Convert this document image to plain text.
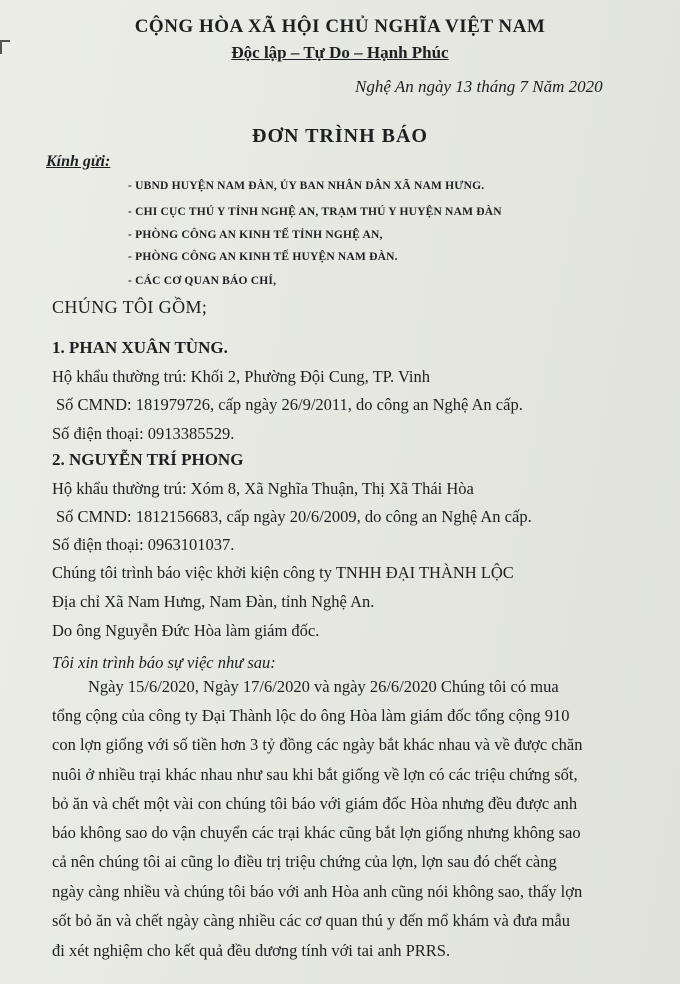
CỘNG HÒA XÃ HỘI CHỦ NGHĨA VIỆT NAM
Độc lập – Tự Do – Hạnh Phúc
Nghệ An ngày 13 tháng 7 Năm 2020
ĐƠN TRÌNH BÁO
Kính gửi:
- UBND HUYỆN NAM ĐÀN, ỦY BAN NHÂN DÂN XÃ NAM HƯNG.
- CHI CỤC THÚ Y TỈNH NGHỆ AN, TRẠM THÚ Y HUYỆN NAM ĐÀN
- PHÒNG CÔNG AN KINH TẾ TỈNH NGHỆ AN,
- PHÒNG CÔNG AN KINH TẾ HUYỆN NAM ĐÀN.
- CÁC CƠ QUAN BÁO CHÍ,
CHÚNG TÔI GỒM;
1. PHAN XUÂN TÙNG.
Hộ khẩu thường trú: Khối 2, Phường Đội Cung, TP. Vinh
Số CMND: 181979726, cấp ngày 26/9/2011, do công an Nghệ An cấp.
Số điện thoại: 0913385529.
2. NGUYỄN TRÍ PHONG
Hộ khẩu thường trú: Xóm 8, Xã Nghĩa Thuận, Thị Xã Thái Hòa
Số CMND: 1812156683, cấp ngày 20/6/2009, do công an Nghệ An cấp.
Số điện thoại: 0963101037.
Chúng tôi trình báo việc khởi kiện công ty TNHH ĐẠI THÀNH LỘC
Địa chỉ Xã Nam Hưng, Nam Đàn, tỉnh Nghệ An.
Do ông Nguyễn Đức Hòa làm giám đốc.
Tôi xin trình báo sự việc như sau:
Ngày 15/6/2020, Ngày 17/6/2020 và ngày 26/6/2020 Chúng tôi có mua
tổng cộng của công ty Đại Thành lộc do ông Hòa làm giám đốc tổng cộng 910
con lợn giống với số tiền hơn 3 tỷ đồng các ngày bắt khác nhau và về được chăn
nuôi ở nhiều trại khác nhau như sau khi bắt giống về lợn có các triệu chứng sốt,
bỏ ăn và chết một vài con chúng tôi báo với giám đốc Hòa nhưng đều được anh
báo không sao do vận chuyển các trại khác cũng bắt lợn giống nhưng không sao
cả nên chúng tôi ai cũng lo điều trị triệu chứng của lợn, lợn sau đó chết càng
ngày càng nhiều và chúng tôi báo với anh Hòa anh cũng nói không sao, thấy lợn
sốt bỏ ăn và chết ngày càng nhiều các cơ quan thú y đến mổ khám và đưa mẫu
đi xét nghiệm cho kết quả đều dương tính với tai anh PRRS.
